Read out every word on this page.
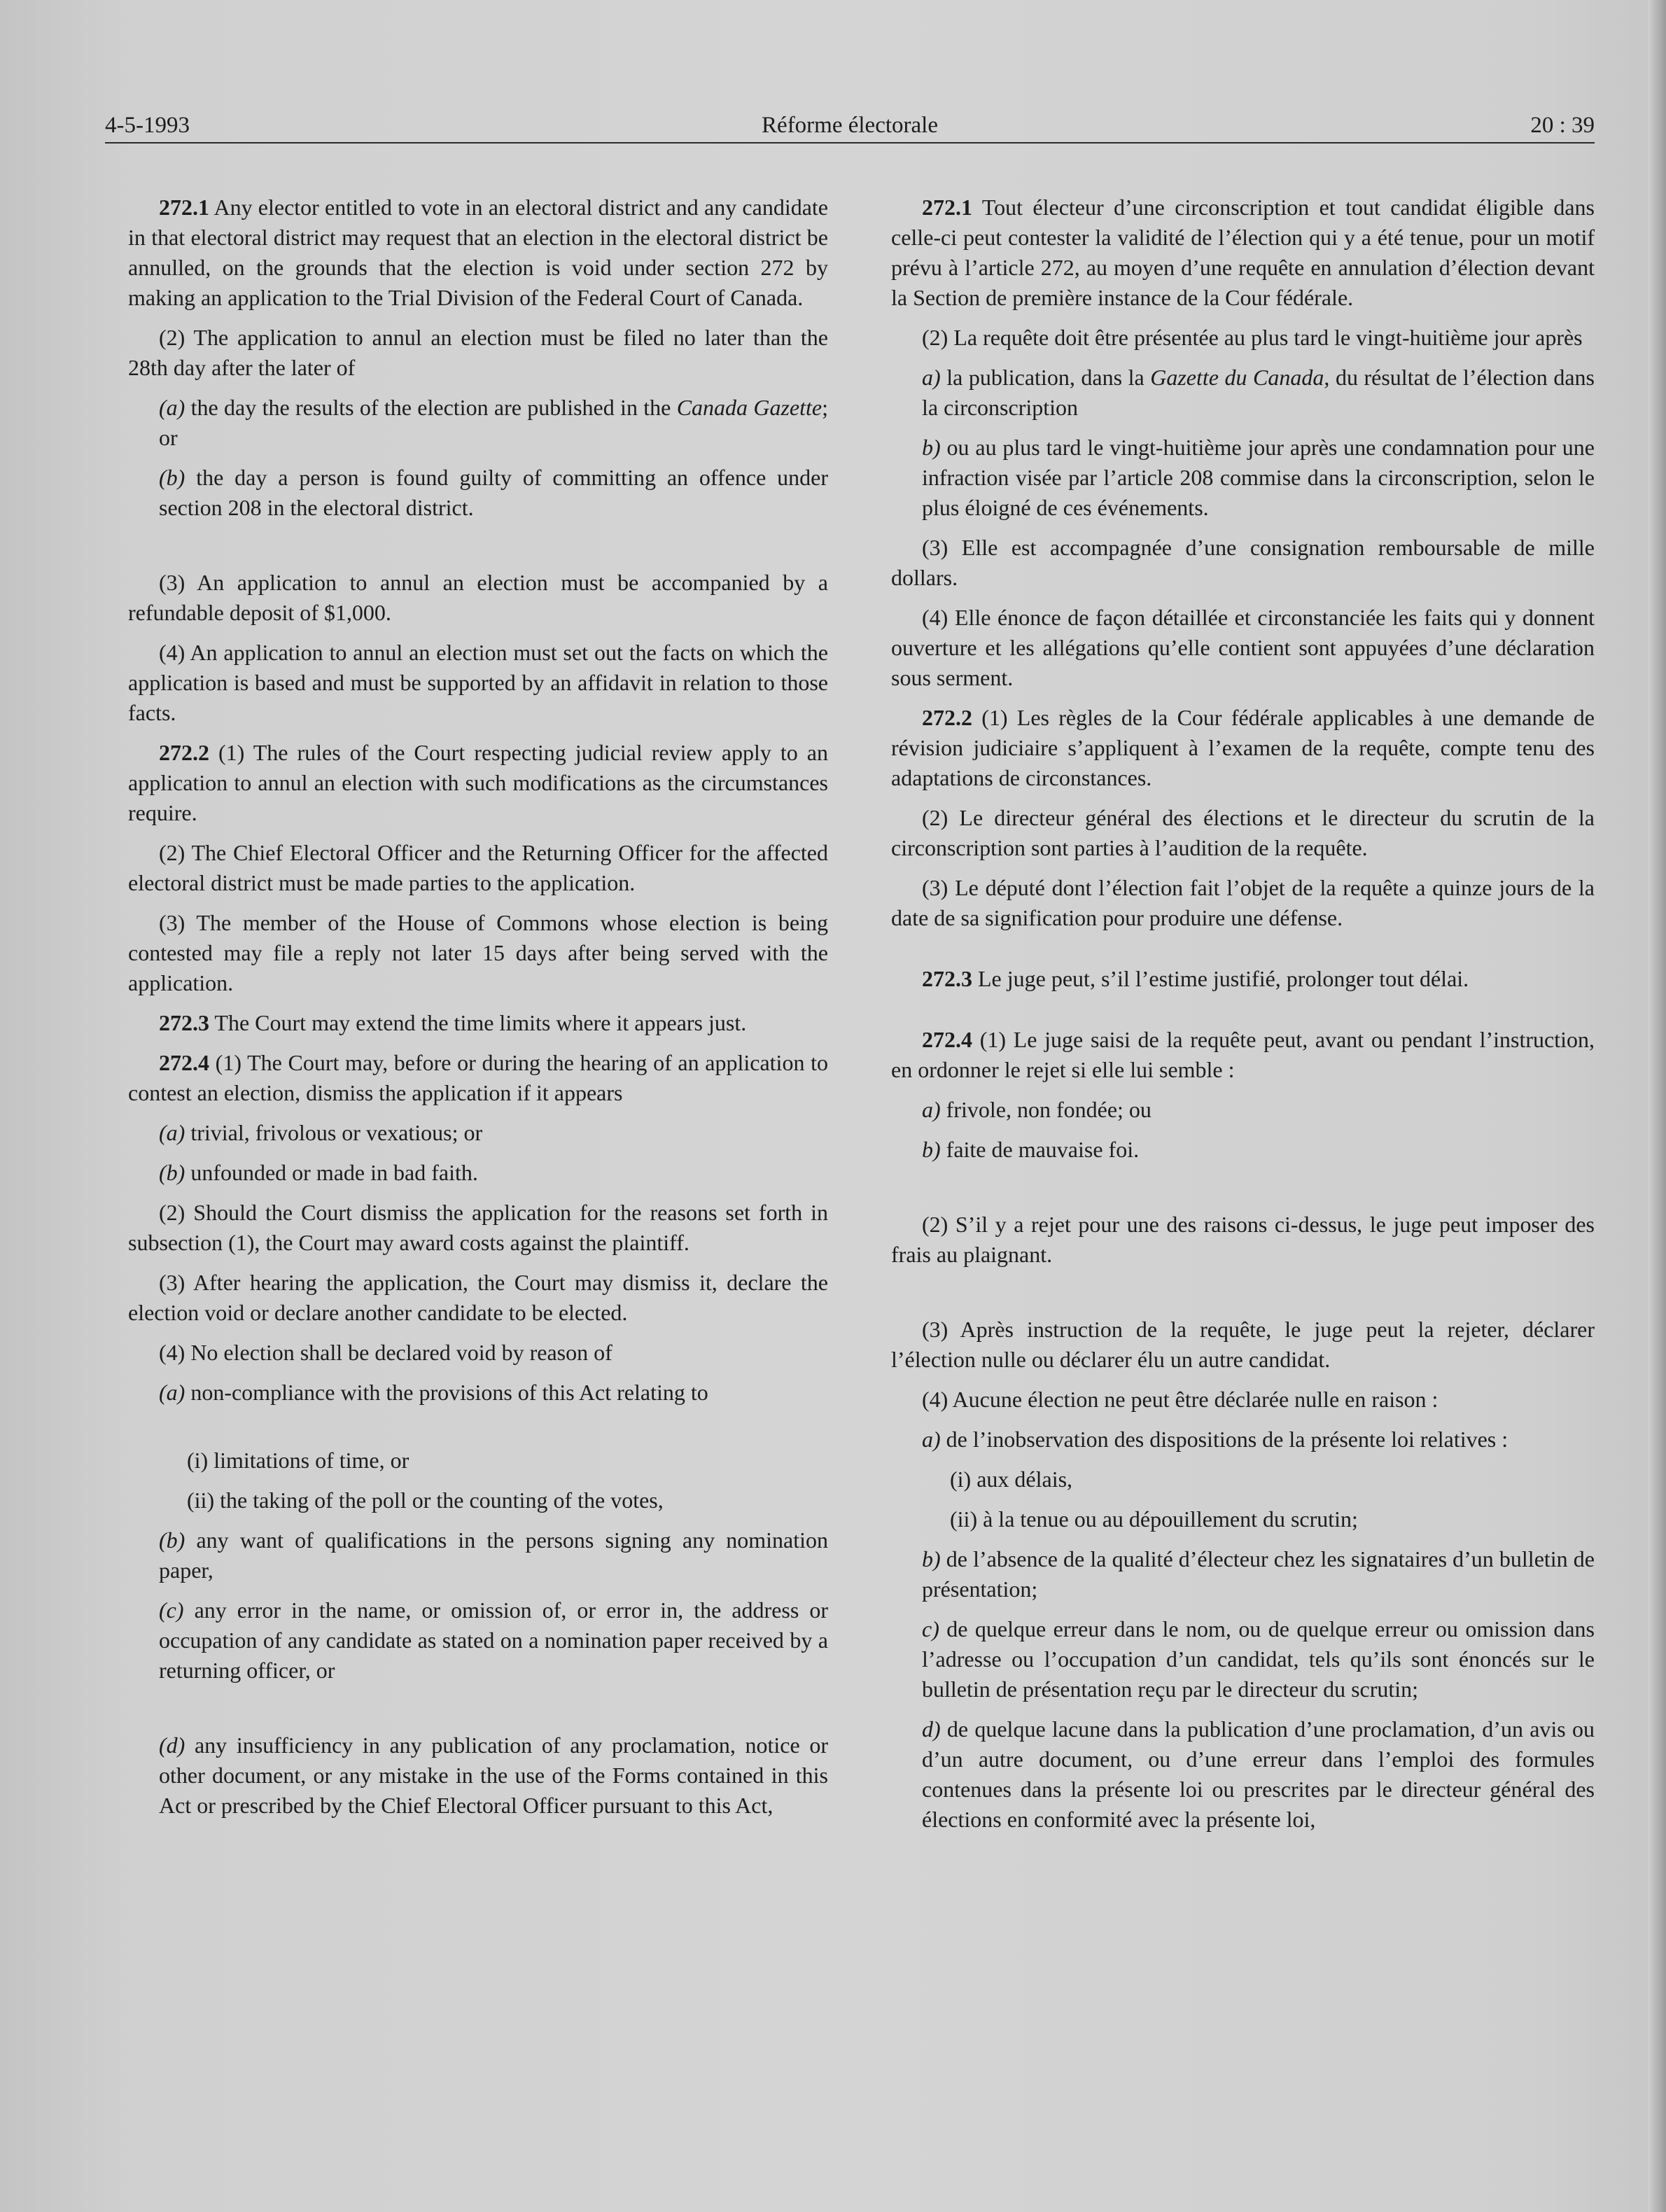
4-5-1993	Réforme électorale	20 : 39

272.1 Any elector entitled to vote in an electoral district and any candidate in that electoral district may request that an election in the electoral district be annulled, on the grounds that the election is void under section 272 by making an application to the Trial Division of the Federal Court of Canada.

(2) The application to annul an election must be filed no later than the 28th day after the later of

(a) the day the results of the election are published in the Canada Gazette; or

(b) the day a person is found guilty of committing an offence under section 208 in the electoral district.

(3) An application to annul an election must be accompanied by a refundable deposit of $1,000.

(4) An application to annul an election must set out the facts on which the application is based and must be supported by an affidavit in relation to those facts.

272.2 (1) The rules of the Court respecting judicial review apply to an application to annul an election with such modifications as the circumstances require.

(2) The Chief Electoral Officer and the Returning Officer for the affected electoral district must be made parties to the application.

(3) The member of the House of Commons whose election is being contested may file a reply not later 15 days after being served with the application.

272.3 The Court may extend the time limits where it appears just.

272.4 (1) The Court may, before or during the hearing of an application to contest an election, dismiss the application if it appears

(a) trivial, frivolous or vexatious; or

(b) unfounded or made in bad faith.

(2) Should the Court dismiss the application for the reasons set forth in subsection (1), the Court may award costs against the plaintiff.

(3) After hearing the application, the Court may dismiss it, declare the election void or declare another candidate to be elected.

(4) No election shall be declared void by reason of

(a) non-compliance with the provisions of this Act relating to

(i) limitations of time, or

(ii) the taking of the poll or the counting of the votes,

(b) any want of qualifications in the persons signing any nomination paper,

(c) any error in the name, or omission of, or error in, the address or occupation of any candidate as stated on a nomination paper received by a returning officer, or

(d) any insufficiency in any publication of any proclamation, notice or other document, or any mistake in the use of the Forms contained in this Act or prescribed by the Chief Electoral Officer pursuant to this Act,

272.1 Tout électeur d’une circonscription et tout candidat éligible dans celle-ci peut contester la validité de l’élection qui y a été tenue, pour un motif prévu à l’article 272, au moyen d’une requête en annulation d’élection devant la Section de première instance de la Cour fédérale.

(2) La requête doit être présentée au plus tard le vingt-huitième jour après

a) la publication, dans la Gazette du Canada, du résultat de l’élection dans la circonscription

b) ou au plus tard le vingt-huitième jour après une condamnation pour une infraction visée par l’article 208 commise dans la circonscription, selon le plus éloigné de ces événements.

(3) Elle est accompagnée d’une consignation remboursable de mille dollars.

(4) Elle énonce de façon détaillée et circonstanciée les faits qui y donnent ouverture et les allégations qu’elle contient sont appuyées d’une déclaration sous serment.

272.2 (1) Les règles de la Cour fédérale applicables à une demande de révision judiciaire s’appliquent à l’examen de la requête, compte tenu des adaptations de circonstances.

(2) Le directeur général des élections et le directeur du scrutin de la circonscription sont parties à l’audition de la requête.

(3) Le député dont l’élection fait l’objet de la requête a quinze jours de la date de sa signification pour produire une défense.

272.3 Le juge peut, s’il l’estime justifié, prolonger tout délai.

272.4 (1) Le juge saisi de la requête peut, avant ou pendant l’instruction, en ordonner le rejet si elle lui semble :

a) frivole, non fondée; ou

b) faite de mauvaise foi.

(2) S’il y a rejet pour une des raisons ci-dessus, le juge peut imposer des frais au plaignant.

(3) Après instruction de la requête, le juge peut la rejeter, déclarer l’élection nulle ou déclarer élu un autre candidat.

(4) Aucune élection ne peut être déclarée nulle en raison :

a) de l’inobservation des dispositions de la présente loi relatives :

(i) aux délais,

(ii) à la tenue ou au dépouillement du scrutin;

b) de l’absence de la qualité d’électeur chez les signataires d’un bulletin de présentation;

c) de quelque erreur dans le nom, ou de quelque erreur ou omission dans l’adresse ou l’occupation d’un candidat, tels qu’ils sont énoncés sur le bulletin de présentation reçu par le directeur du scrutin;

d) de quelque lacune dans la publication d’une proclamation, d’un avis ou d’un autre document, ou d’une erreur dans l’emploi des formules contenues dans la présente loi ou prescrites par le directeur général des élections en conformité avec la présente loi,
